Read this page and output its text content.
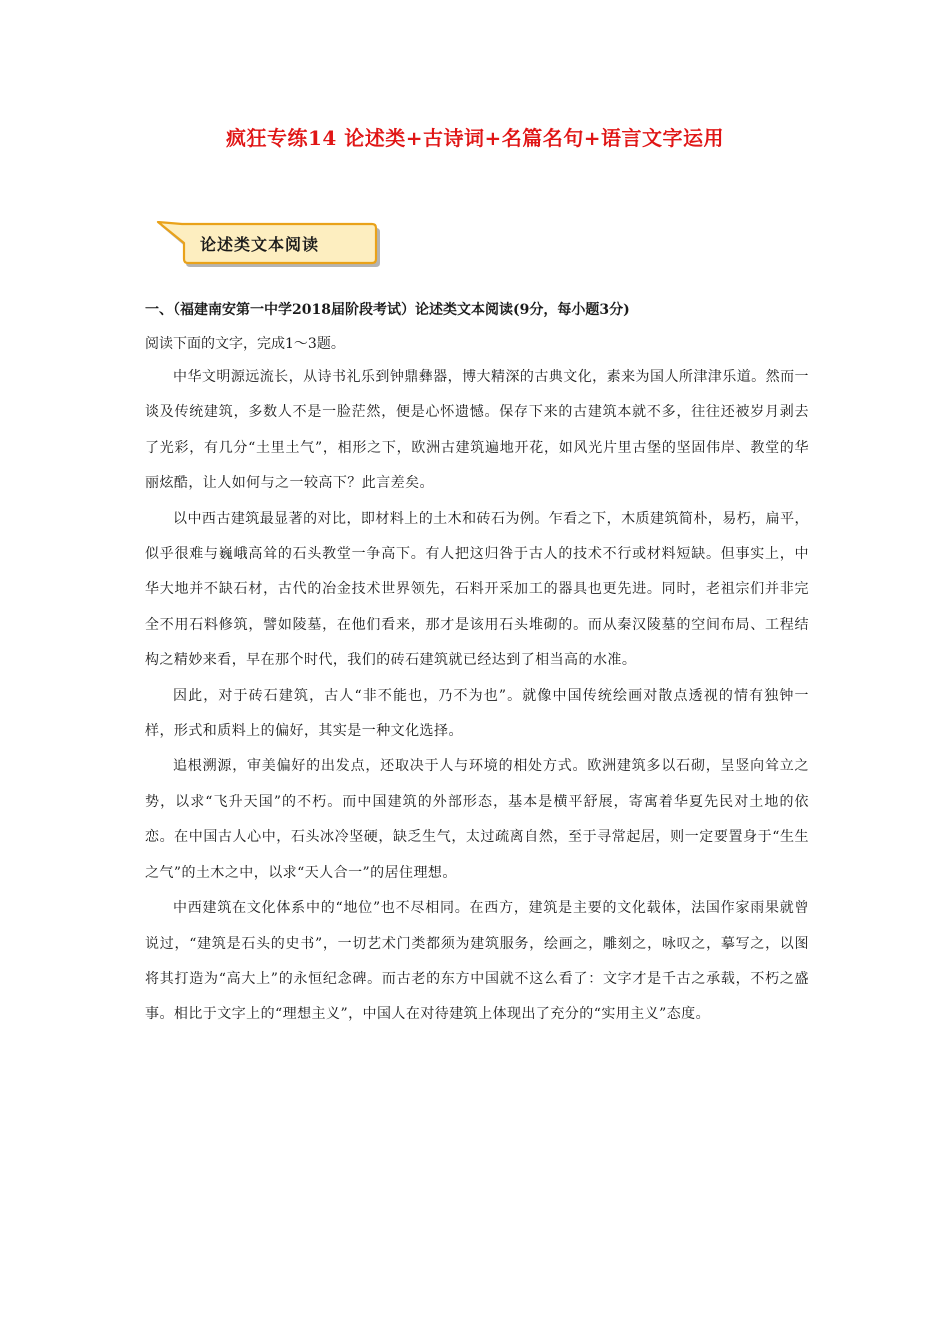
疯狂专练14 论述类+古诗词+名篇名句+语言文字运用
论述类文本阅读
一、（福建南安第一中学2018届阶段考试）论述类文本阅读(9分，每小题3分)
阅读下面的文字，完成1～3题。

中华文明源远流长，从诗书礼乐到钟鼎彝器，博大精深的古典文化，素来为国人所津津乐道。然而一谈及传统建筑，多数人不是一脸茫然，便是心怀遗憾。保存下来的古建筑本就不多，往往还被岁月剥去了光彩，有几分“土里土气”，相形之下，欧洲古建筑遍地开花，如风光片里古堡的坚固伟岸、教堂的华丽炫酷，让人如何与之一较高下？此言差矣。

以中西古建筑最显著的对比，即材料上的土木和砖石为例。乍看之下，木质建筑简朴，易朽，扁平，似乎很难与巍峨高耸的石头教堂一争高下。有人把这归咎于古人的技术不行或材料短缺。但事实上，中华大地并不缺石材，古代的冶金技术世界领先，石料开采加工的器具也更先进。同时，老祖宗们并非完全不用石料修筑，譬如陵墓，在他们看来，那才是该用石头堆砌的。而从秦汉陵墓的空间布局、工程结构之精妙来看，早在那个时代，我们的砖石建筑就已经达到了相当高的水准。

因此，对于砖石建筑，古人“非不能也，乃不为也”。就像中国传统绘画对散点透视的情有独钟一样，形式和质料上的偏好，其实是一种文化选择。

追根溯源，审美偏好的出发点，还取决于人与环境的相处方式。欧洲建筑多以石砌，呈竖向耸立之势，以求“飞升天国”的不朽。而中国建筑的外部形态，基本是横平舒展，寄寓着华夏先民对土地的依恋。在中国古人心中，石头冰冷坚硬，缺乏生气，太过疏离自然，至于寻常起居，则一定要置身于“生生之气”的土木之中，以求“天人合一”的居住理想。

中西建筑在文化体系中的“地位”也不尽相同。在西方，建筑是主要的文化载体，法国作家雨果就曾说过，“建筑是石头的史书”，一切艺术门类都须为建筑服务，绘画之，雕刻之，咏叹之，摹写之，以图将其打造为“高大上”的永恒纪念碑。而古老的东方中国就不这么看了：文字才是千古之承载，不朽之盛事。相比于文字上的“理想主义”，中国人在对待建筑上体现出了充分的“实用主义”态度。
